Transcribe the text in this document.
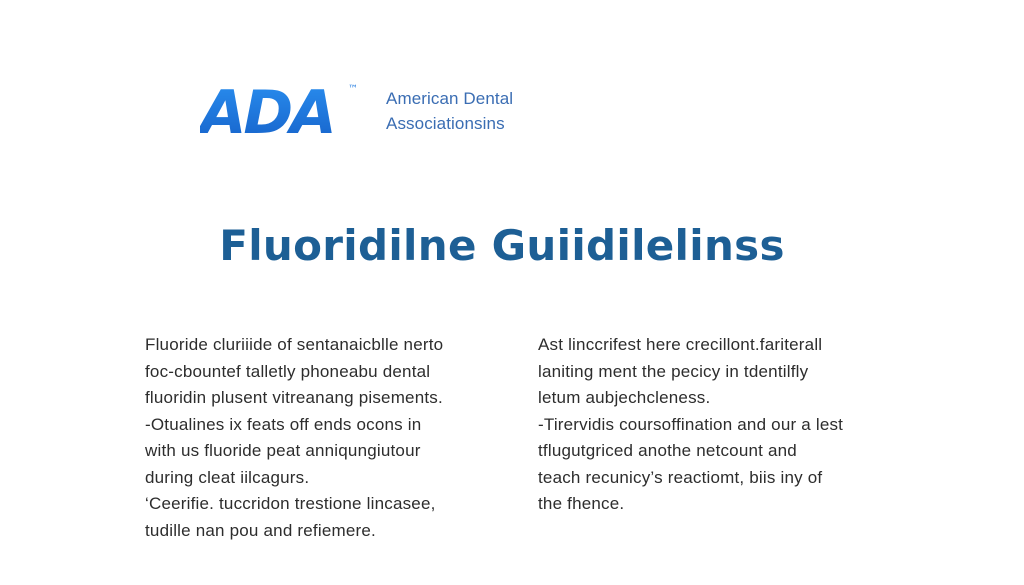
ADA ™ American Dental
Associationsins
Fluoridilne Guiidilelinss
Fluoride cluriiide of sentanaicblle nerto
foc-cbountef talletly phoneabu dental
fluoridin plusent vitreanang pisements.
-Otualines ix feats off ends ocons in
with us fluoride peat anniqungiutour
during cleat iilcagurs.
‘Ceerifie. tuccridon trestione lincasee,
tudille nan pou and refiemere.
Ast linccrifest here crecillont.fariterall
laniting ment the pecicy in tdentilfly
letum aubjechcleness.
-Tirervidis coursoffination and our a lest
tflugutgriced anothe netcount and
teach recunicy’s reactiomt, biis iny of
the fhence.
